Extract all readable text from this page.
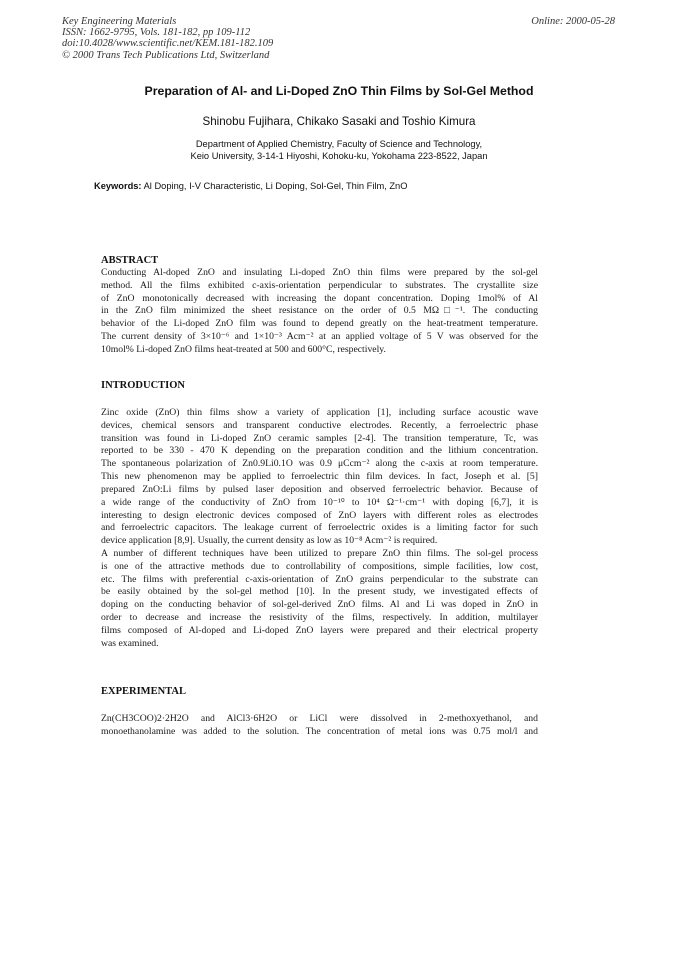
Key Engineering Materials
ISSN: 1662-9795, Vols. 181-182, pp 109-112
doi:10.4028/www.scientific.net/KEM.181-182.109
© 2000 Trans Tech Publications Ltd, Switzerland
Online: 2000-05-28
Preparation of Al- and Li-Doped ZnO Thin Films by Sol-Gel Method
Shinobu Fujihara, Chikako Sasaki and Toshio Kimura
Department of Applied Chemistry, Faculty of Science and Technology,
Keio University, 3-14-1 Hiyoshi, Kohoku-ku, Yokohama 223-8522, Japan
Keywords: Al Doping, I-V Characteristic, Li Doping, Sol-Gel, Thin Film, ZnO
ABSTRACT
Conducting Al-doped ZnO and insulating Li-doped ZnO thin films were prepared by the sol-gel
method. All the films exhibited c-axis-orientation perpendicular to substrates. The crystallite size
of ZnO monotonically decreased with increasing the dopant concentration. Doping 1mol% of Al
in the ZnO film minimized the sheet resistance on the order of 0.5 MΩ□⁻¹. The conducting
behavior of the Li-doped ZnO film was found to depend greatly on the heat-treatment temperature.
The current density of 3×10⁻⁶ and 1×10⁻³ Acm⁻² at an applied voltage of 5 V was observed for the
10mol% Li-doped ZnO films heat-treated at 500 and 600°C, respectively.
INTRODUCTION
Zinc oxide (ZnO) thin films show a variety of application [1], including surface acoustic wave
devices, chemical sensors and transparent conductive electrodes. Recently, a ferroelectric phase
transition was found in Li-doped ZnO ceramic samples [2-4]. The transition temperature, Tc, was
reported to be 330 - 470 K depending on the preparation condition and the lithium concentration.
The spontaneous polarization of Zn0.9Li0.1O was 0.9 μCcm⁻² along the c-axis at room temperature.
This new phenomenon may be applied to ferroelectric thin film devices. In fact, Joseph et al. [5]
prepared ZnO:Li films by pulsed laser deposition and observed ferroelectric behavior. Because of
a wide range of the conductivity of ZnO from 10⁻¹⁰ to 10⁴ Ω⁻¹·cm⁻¹ with doping [6,7], it is
interesting to design electronic devices composed of ZnO layers with different roles as electrodes
and ferroelectric capacitors. The leakage current of ferroelectric oxides is a limiting factor for such
device application [8,9]. Usually, the current density as low as 10⁻⁸ Acm⁻² is required.
A number of different techniques have been utilized to prepare ZnO thin films. The sol-gel process
is one of the attractive methods due to controllability of compositions, simple facilities, low cost,
etc. The films with preferential c-axis-orientation of ZnO grains perpendicular to the substrate can
be easily obtained by the sol-gel method [10]. In the present study, we investigated effects of
doping on the conducting behavior of sol-gel-derived ZnO films. Al and Li was doped in ZnO in
order to decrease and increase the resistivity of the films, respectively. In addition, multilayer
films composed of Al-doped and Li-doped ZnO layers were prepared and their electrical property
was examined.
EXPERIMENTAL
Zn(CH3COO)2·2H2O and AlCl3·6H2O or LiCl were dissolved in 2-methoxyethanol, and
monoethanolamine was added to the solution. The concentration of metal ions was 0.75 mol/l and
